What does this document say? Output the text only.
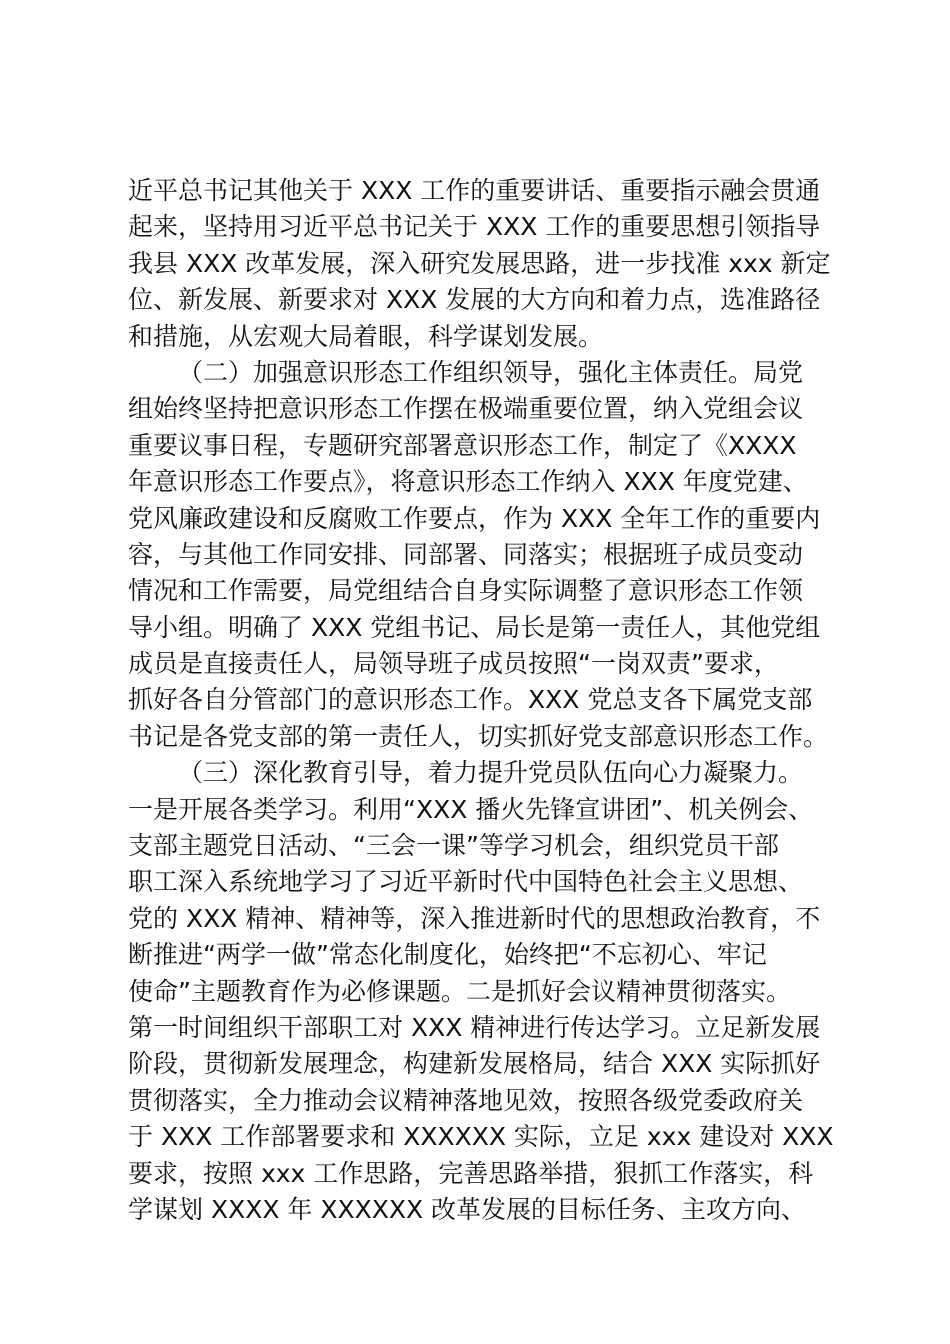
近平总书记其他关于 XXX 工作的重要讲话、重要指示融会贯通
起来，坚持用习近平总书记关于 XXX 工作的重要思想引领指导
我县 XXX 改革发展，深入研究发展思路，进一步找准 xxx 新定
位、新发展、新要求对 XXX 发展的大方向和着力点，选准路径
和措施，从宏观大局着眼，科学谋划发展。
（二）加强意识形态工作组织领导，强化主体责任。局党
组始终坚持把意识形态工作摆在极端重要位置，纳入党组会议
重要议事日程，专题研究部署意识形态工作，制定了《XXXX
年意识形态工作要点》，将意识形态工作纳入 XXX 年度党建、
党风廉政建设和反腐败工作要点，作为 XXX 全年工作的重要内
容，与其他工作同安排、同部署、同落实；根据班子成员变动
情况和工作需要，局党组结合自身实际调整了意识形态工作领
导小组。明确了 XXX 党组书记、局长是第一责任人，其他党组
成员是直接责任人，局领导班子成员按照“一岗双责”要求，
抓好各自分管部门的意识形态工作。XXX 党总支各下属党支部
书记是各党支部的第一责任人，切实抓好党支部意识形态工作。
（三）深化教育引导，着力提升党员队伍向心力凝聚力。
一是开展各类学习。利用“XXX 播火先锋宣讲团”、机关例会、
支部主题党日活动、“三会一课”等学习机会，组织党员干部
职工深入系统地学习了习近平新时代中国特色社会主义思想、
党的 XXX 精神、精神等，深入推进新时代的思想政治教育，不
断推进“两学一做”常态化制度化，始终把“不忘初心、牢记
使命”主题教育作为必修课题。二是抓好会议精神贯彻落实。
第一时间组织干部职工对 XXX 精神进行传达学习。立足新发展
阶段，贯彻新发展理念，构建新发展格局，结合 XXX 实际抓好
贯彻落实，全力推动会议精神落地见效，按照各级党委政府关
于 XXX 工作部署要求和 XXXXXX 实际，立足 xxx 建设对 XXX
要求，按照 xxx 工作思路，完善思路举措，狠抓工作落实，科
学谋划 XXXX 年 XXXXXX 改革发展的目标任务、主攻方向、
